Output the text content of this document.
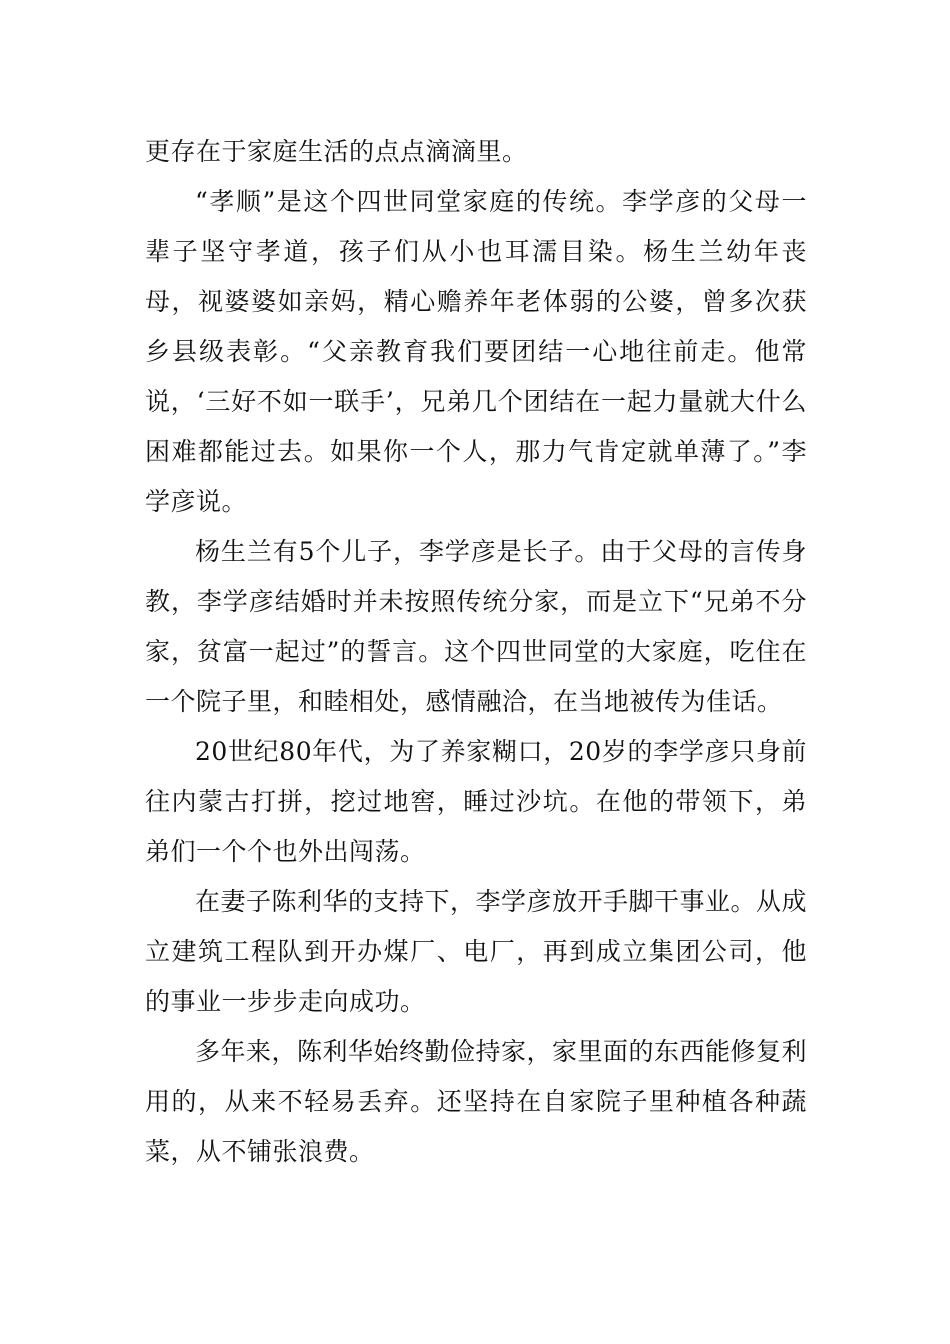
更存在于家庭生活的点点滴滴里。

“孝顺”是这个四世同堂家庭的传统。李学彦的父母一辈子坚守孝道，孩子们从小也耳濡目染。杨生兰幼年丧母，视婆婆如亲妈，精心赡养年老体弱的公婆，曾多次获乡县级表彰。“父亲教育我们要团结一心地往前走。他常说，‘三好不如一联手’，兄弟几个团结在一起力量就大什么困难都能过去。如果你一个人，那力气肯定就单薄了。”李学彦说。

杨生兰有5个儿子，李学彦是长子。由于父母的言传身教，李学彦结婚时并未按照传统分家，而是立下“兄弟不分家，贫富一起过”的誓言。这个四世同堂的大家庭，吃住在一个院子里，和睦相处，感情融洽，在当地被传为佳话。

20世纪80年代，为了养家糊口，20岁的李学彦只身前往内蒙古打拼，挖过地窖，睡过沙坑。在他的带领下，弟弟们一个个也外出闯荡。

在妻子陈利华的支持下，李学彦放开手脚干事业。从成立建筑工程队到开办煤厂、电厂，再到成立集团公司，他的事业一步步走向成功。

多年来，陈利华始终勤俭持家，家里面的东西能修复利用的，从来不轻易丢弃。还坚持在自家院子里种植各种蔬菜，从不铺张浪费。
